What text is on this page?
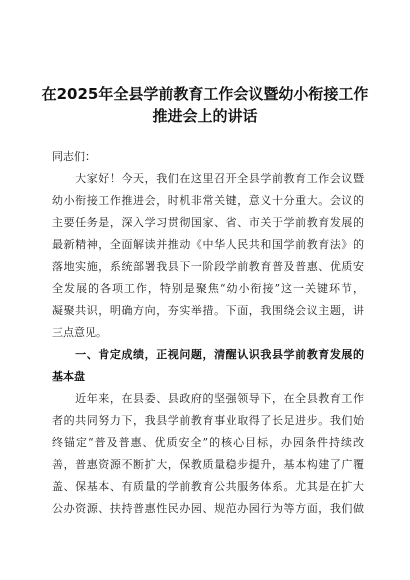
在2025年全县学前教育工作会议暨幼小衔接工作
推进会上的讲话
同志们：
　　大家好！今天，我们在这里召开全县学前教育工作会议暨
幼小衔接工作推进会，时机非常关键，意义十分重大。会议的
主要任务是，深入学习贯彻国家、省、市关于学前教育发展的
最新精神，全面解读并推动《中华人民共和国学前教育法》的
落地实施，系统部署我县下一阶段学前教育普及普惠、优质安
全发展的各项工作，特别是聚焦“幼小衔接”这一关键环节，
凝聚共识，明确方向，夯实举措。下面，我围绕会议主题，讲
三点意见。
　　一、肯定成绩，正视问题，清醒认识我县学前教育发展的
基本盘
　　近年来，在县委、县政府的坚强领导下，在全县教育工作
者的共同努力下，我县学前教育事业取得了长足进步。我们始
终锚定“普及普惠、优质安全”的核心目标，办园条件持续改
善，普惠资源不断扩大，保教质量稳步提升，基本构建了广覆
盖、保基本、有质量的学前教育公共服务体系。尤其是在扩大
公办资源、扶持普惠性民办园、规范办园行为等方面，我们做
